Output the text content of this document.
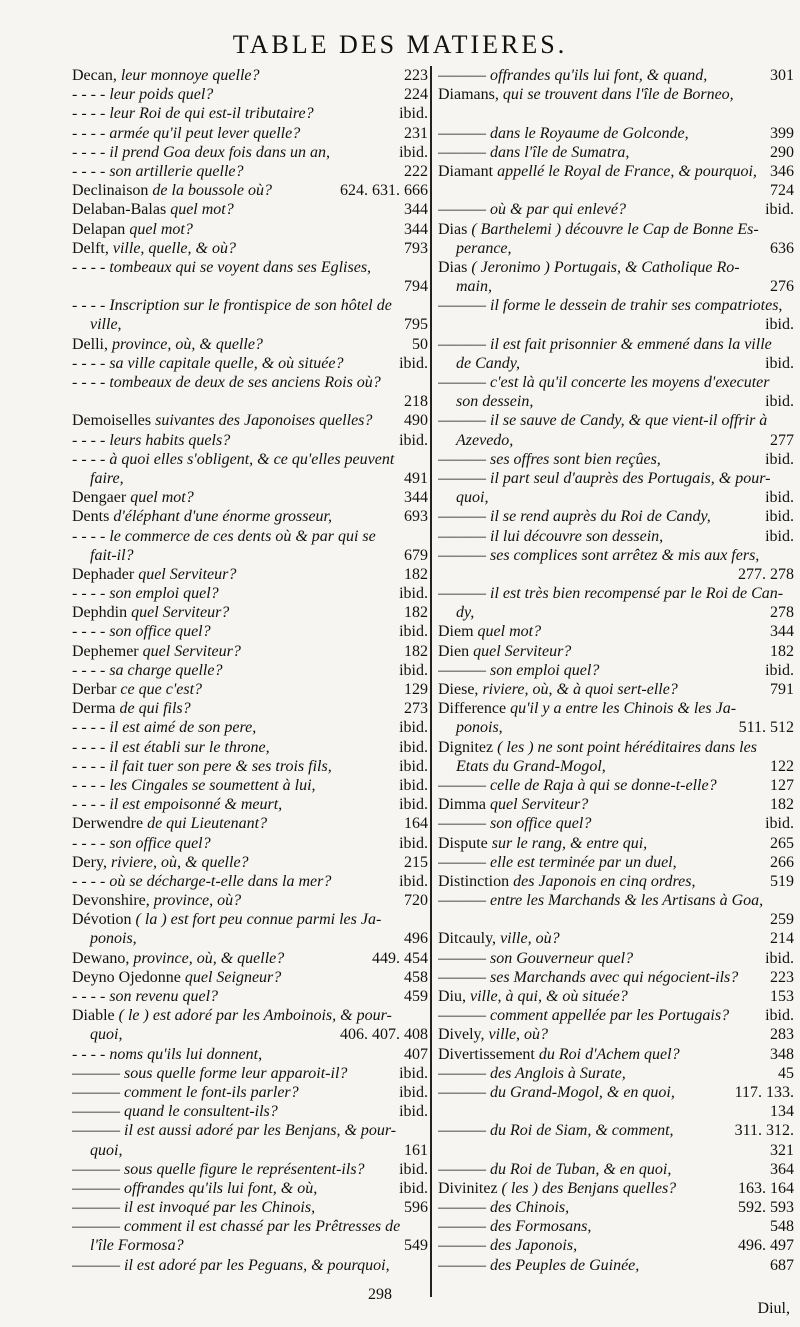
TABLE DES MATIERES.
Decan, leur monnoye quelle?	223
- - - - leur poids quel?	224
- - - - leur Roi de qui est-il tributaire?	ibid.
- - - - armée qu'il peut lever quelle?	231
- - - - il prend Goa deux fois dans un an,	ibid.
- - - - son artillerie quelle?	222
Declinaison de la boussole où?	624. 631. 666
Delaban-Balas quel mot?	344
Delapan quel mot?	344
Delft, ville, quelle, & où?	793
- - - - tombeaux qui se voyent dans ses Eglises,
794
- - - - Inscription sur le frontispice de son hôtel de
ville,	795
Delli, province, où, & quelle?	50
- - - - sa ville capitale quelle, & où située?	ibid.
- - - - tombeaux de deux de ses anciens Rois où?
218
Demoiselles suivantes des Japonoises quelles?	490
- - - - leurs habits quels?	ibid.
- - - - à quoi elles s'obligent, & ce qu'elles peuvent
faire,	491
Dengaer quel mot?	344
Dents d'éléphant d'une énorme grosseur,	693
- - - - le commerce de ces dents où & par qui se
fait-il?	679
Dephader quel Serviteur?	182
- - - - son emploi quel?	ibid.
Dephdin quel Serviteur?	182
- - - - son office quel?	ibid.
Dephemer quel Serviteur?	182
- - - - sa charge quelle?	ibid.
Derbar ce que c'est?	129
Derma de qui fils?	273
- - - - il est aimé de son pere,	ibid.
- - - - il est établi sur le throne,	ibid.
- - - - il fait tuer son pere & ses trois fils,	ibid.
- - - - les Cingales se soumettent à lui,	ibid.
- - - - il est empoisonné & meurt,	ibid.
Derwendre de qui Lieutenant?	164
- - - - son office quel?	ibid.
Dery, riviere, où, & quelle?	215
- - - - où se décharge-t-elle dans la mer?	ibid.
Devonshire, province, où?	720
Dévotion ( la ) est fort peu connue parmi les Ja-
ponois,	496
Dewano, province, où, & quelle?	449. 454
Deyno Ojedonne quel Seigneur?	458
- - - - son revenu quel?	459
Diable ( le ) est adoré par les Amboinois, & pour-
quoi,	406. 407. 408
- - - - noms qu'ils lui donnent,	407
——— sous quelle forme leur apparoit-il?	ibid.
——— comment le font-ils parler?	ibid.
——— quand le consultent-ils?	ibid.
——— il est aussi adoré par les Benjans, & pour-
quoi,	161
——— sous quelle figure le représentent-ils?	ibid.
——— offrandes qu'ils lui font, & où,	ibid.
——— il est invoqué par les Chinois,	596
——— comment il est chassé par les Prêtresses de
l'île Formosa?	549
——— il est adoré par les Peguans, & pourquoi,
——— offrandes qu'ils lui font, & quand,	301
Diamans, qui se trouvent dans l'île de Borneo,
——— dans le Royaume de Golconde,	399
——— dans l'île de Sumatra,	290
Diamant appellé le Royal de France, & pourquoi, 346
724
——— où & par qui enlevé?	ibid.
Dias ( Barthelemi ) découvre le Cap de Bonne Es-
perance,	636
Dias ( Jeronimo ) Portugais, & Catholique Ro-
main,	276
——— il forme le dessein de trahir ses compatriotes,
ibid.
——— il est fait prisonnier & emmené dans la ville
de Candy,	ibid.
——— c'est là qu'il concerte les moyens d'executer
son dessein,	ibid.
——— il se sauve de Candy, & que vient-il offrir à
Azevedo,	277
——— ses offres sont bien reçûes,	ibid.
——— il part seul d'auprès des Portugais, & pour-
quoi,	ibid.
——— il se rend auprès du Roi de Candy,	ibid.
——— il lui découvre son dessein,	ibid.
——— ses complices sont arrêtez & mis aux fers,
277. 278
——— il est très bien recompensé par le Roi de Can-
dy,	278
Diem quel mot?	344
Dien quel Serviteur?	182
——— son emploi quel?	ibid.
Diese, riviere, où, & à quoi sert-elle?	791
Difference qu'il y a entre les Chinois & les Ja-
ponois,	511. 512
Dignitez ( les ) ne sont point héréditaires dans les
Etats du Grand-Mogol,	122
——— celle de Raja à qui se donne-t-elle?	127
Dimma quel Serviteur?	182
——— son office quel?	ibid.
Dispute sur le rang, & entre qui,	265
——— elle est terminée par un duel,	266
Distinction des Japonois en cinq ordres,	519
——— entre les Marchands & les Artisans à Goa,
259
Ditcauly, ville, où?	214
——— son Gouverneur quel?	ibid.
——— ses Marchands avec qui négocient-ils?	223
Diu, ville, à qui, & où située?	153
——— comment appellée par les Portugais?	ibid.
Dively, ville, où?	283
Divertissement du Roi d'Achem quel?	348
——— des Anglois à Surate,	45
——— du Grand-Mogol, & en quoi,	117. 133.
134
——— du Roi de Siam, & comment,	311. 312.
321
——— du Roi de Tuban, & en quoi,	364
Divinitez ( les ) des Benjans quelles?	163. 164
——— des Chinois,	592. 593
——— des Formosans,	548
——— des Japonois,	496. 497
——— des Peuples de Guinée,	687
298
Diul,
